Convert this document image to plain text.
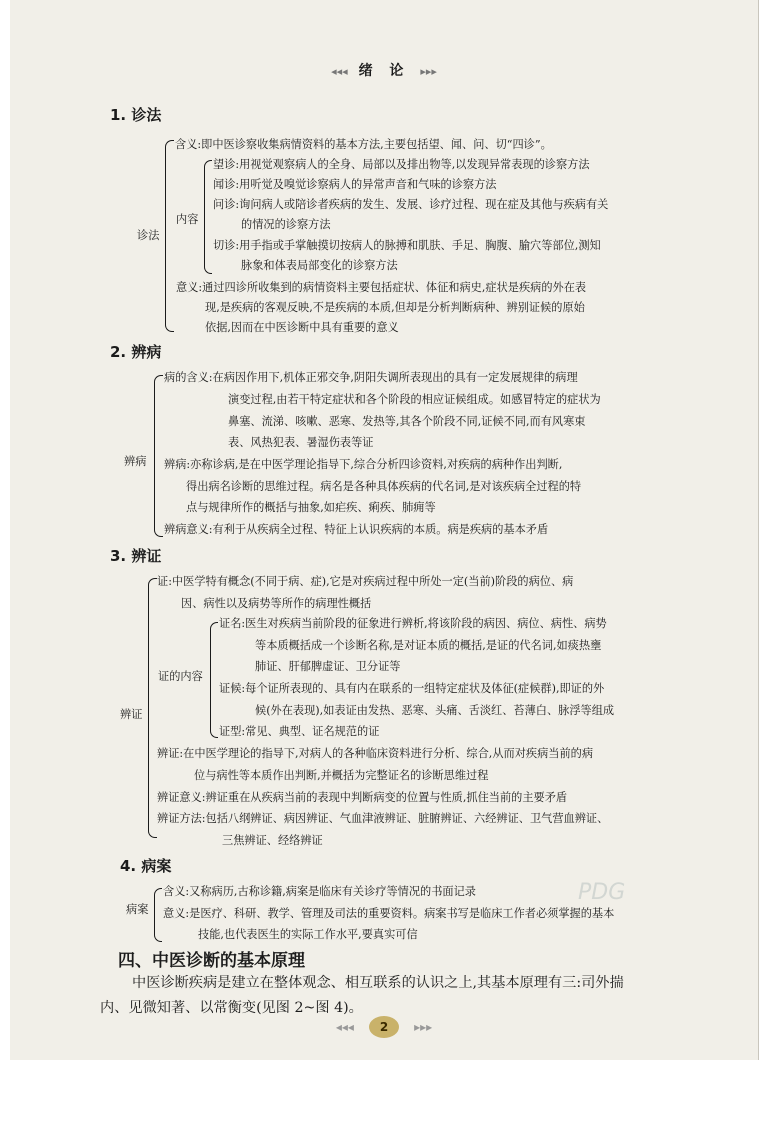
◂◂◂ 绪 论 ▸▸▸
1. 诊法
诊法
含义:即中医诊察收集病情资料的基本方法,主要包括望、闻、问、切“四诊”。
内容
望诊:用视觉观察病人的全身、局部以及排出物等,以发现异常表现的诊察方法
闻诊:用听觉及嗅觉诊察病人的异常声音和气味的诊察方法
问诊:询问病人或陪诊者疾病的发生、发展、诊疗过程、现在症及其他与疾病有关
的情况的诊察方法
切诊:用手指或手掌触摸切按病人的脉搏和肌肤、手足、胸腹、腧穴等部位,测知
脉象和体表局部变化的诊察方法
意义:通过四诊所收集到的病情资料主要包括症状、体征和病史,症状是疾病的外在表
现,是疾病的客观反映,不是疾病的本质,但却是分析判断病种、辨别证候的原始
依据,因而在中医诊断中具有重要的意义
2. 辨病
辨病
病的含义:在病因作用下,机体正邪交争,阴阳失调所表现出的具有一定发展规律的病理
演变过程,由若干特定症状和各个阶段的相应证候组成。如感冒特定的症状为
鼻塞、流涕、咳嗽、恶寒、发热等,其各个阶段不同,证候不同,而有风寒束
表、风热犯表、暑湿伤表等证
辨病:亦称诊病,是在中医学理论指导下,综合分析四诊资料,对疾病的病种作出判断,
得出病名诊断的思维过程。病名是各种具体疾病的代名词,是对该疾病全过程的特
点与规律所作的概括与抽象,如疟疾、痢疾、肺痈等
辨病意义:有利于从疾病全过程、特征上认识疾病的本质。病是疾病的基本矛盾
3. 辨证
辨证
证:中医学特有概念(不同于病、症),它是对疾病过程中所处一定(当前)阶段的病位、病
因、病性以及病势等所作的病理性概括
证的内容
证名:医生对疾病当前阶段的征象进行辨析,将该阶段的病因、病位、病性、病势
等本质概括成一个诊断名称,是对证本质的概括,是证的代名词,如痰热壅
肺证、肝郁脾虚证、卫分证等
证候:每个证所表现的、具有内在联系的一组特定症状及体征(症候群),即证的外
候(外在表现),如表证由发热、恶寒、头痛、舌淡红、苔薄白、脉浮等组成
证型:常见、典型、证名规范的证
辨证:在中医学理论的指导下,对病人的各种临床资料进行分析、综合,从而对疾病当前的病
位与病性等本质作出判断,并概括为完整证名的诊断思维过程
辨证意义:辨证重在从疾病当前的表现中判断病变的位置与性质,抓住当前的主要矛盾
辨证方法:包括八纲辨证、病因辨证、气血津液辨证、脏腑辨证、六经辨证、卫气营血辨证、
三焦辨证、经络辨证
4. 病案
病案
含义:又称病历,古称诊籍,病案是临床有关诊疗等情况的书面记录
意义:是医疗、科研、教学、管理及司法的重要资料。病案书写是临床工作者必须掌握的基本
技能,也代表医生的实际工作水平,要真实可信
四、中医诊断的基本原理
中医诊断疾病是建立在整体观念、相互联系的认识之上,其基本原理有三:司外揣
内、见微知著、以常衡变(见图 2~图 4)。
PDG
◂◂◂ 2 ▸▸▸
